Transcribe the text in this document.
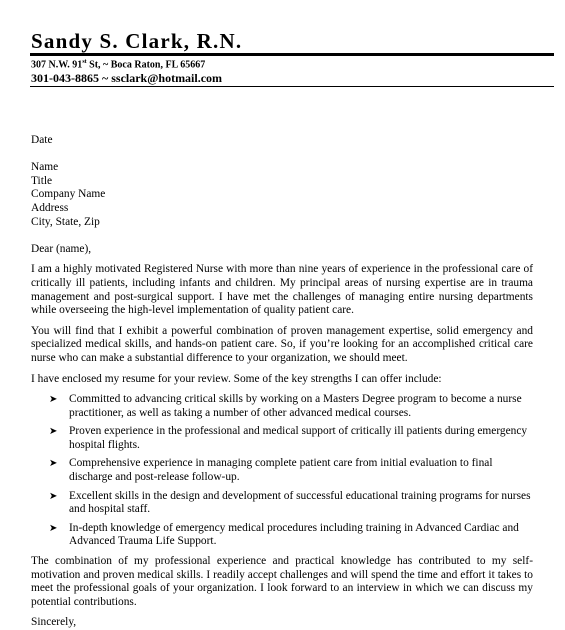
Sandy S. Clark, R.N.
307 N.W. 91st St, ~ Boca Raton, FL 65667
301-043-8865 ~ ssclark@hotmail.com
Date
Name
Title
Company Name
Address
City, State, Zip
Dear (name),
I am a highly motivated Registered Nurse with more than nine years of experience in the professional care of critically ill patients, including infants and children. My principal areas of nursing expertise are in trauma management and post-surgical support. I have met the challenges of managing entire nursing departments while overseeing the high-level implementation of quality patient care.
You will find that I exhibit a powerful combination of proven management expertise, solid emergency and specialized medical skills, and hands-on patient care. So, if you’re looking for an accomplished critical care nurse who can make a substantial difference to your organization, we should meet.
I have enclosed my resume for your review. Some of the key strengths I can offer include:
➤ Committed to advancing critical skills by working on a Masters Degree program to become a nurse practitioner, as well as taking a number of other advanced medical courses.
➤ Proven experience in the professional and medical support of critically ill patients during emergency hospital flights.
➤ Comprehensive experience in managing complete patient care from initial evaluation to final discharge and post-release follow-up.
➤ Excellent skills in the design and development of successful educational training programs for nurses and hospital staff.
➤ In-depth knowledge of emergency medical procedures including training in Advanced Cardiac and Advanced Trauma Life Support.
The combination of my professional experience and practical knowledge has contributed to my self-motivation and proven medical skills. I readily accept challenges and will spend the time and effort it takes to meet the professional goals of your organization. I look forward to an interview in which we can discuss my potential contributions.
Sincerely,
